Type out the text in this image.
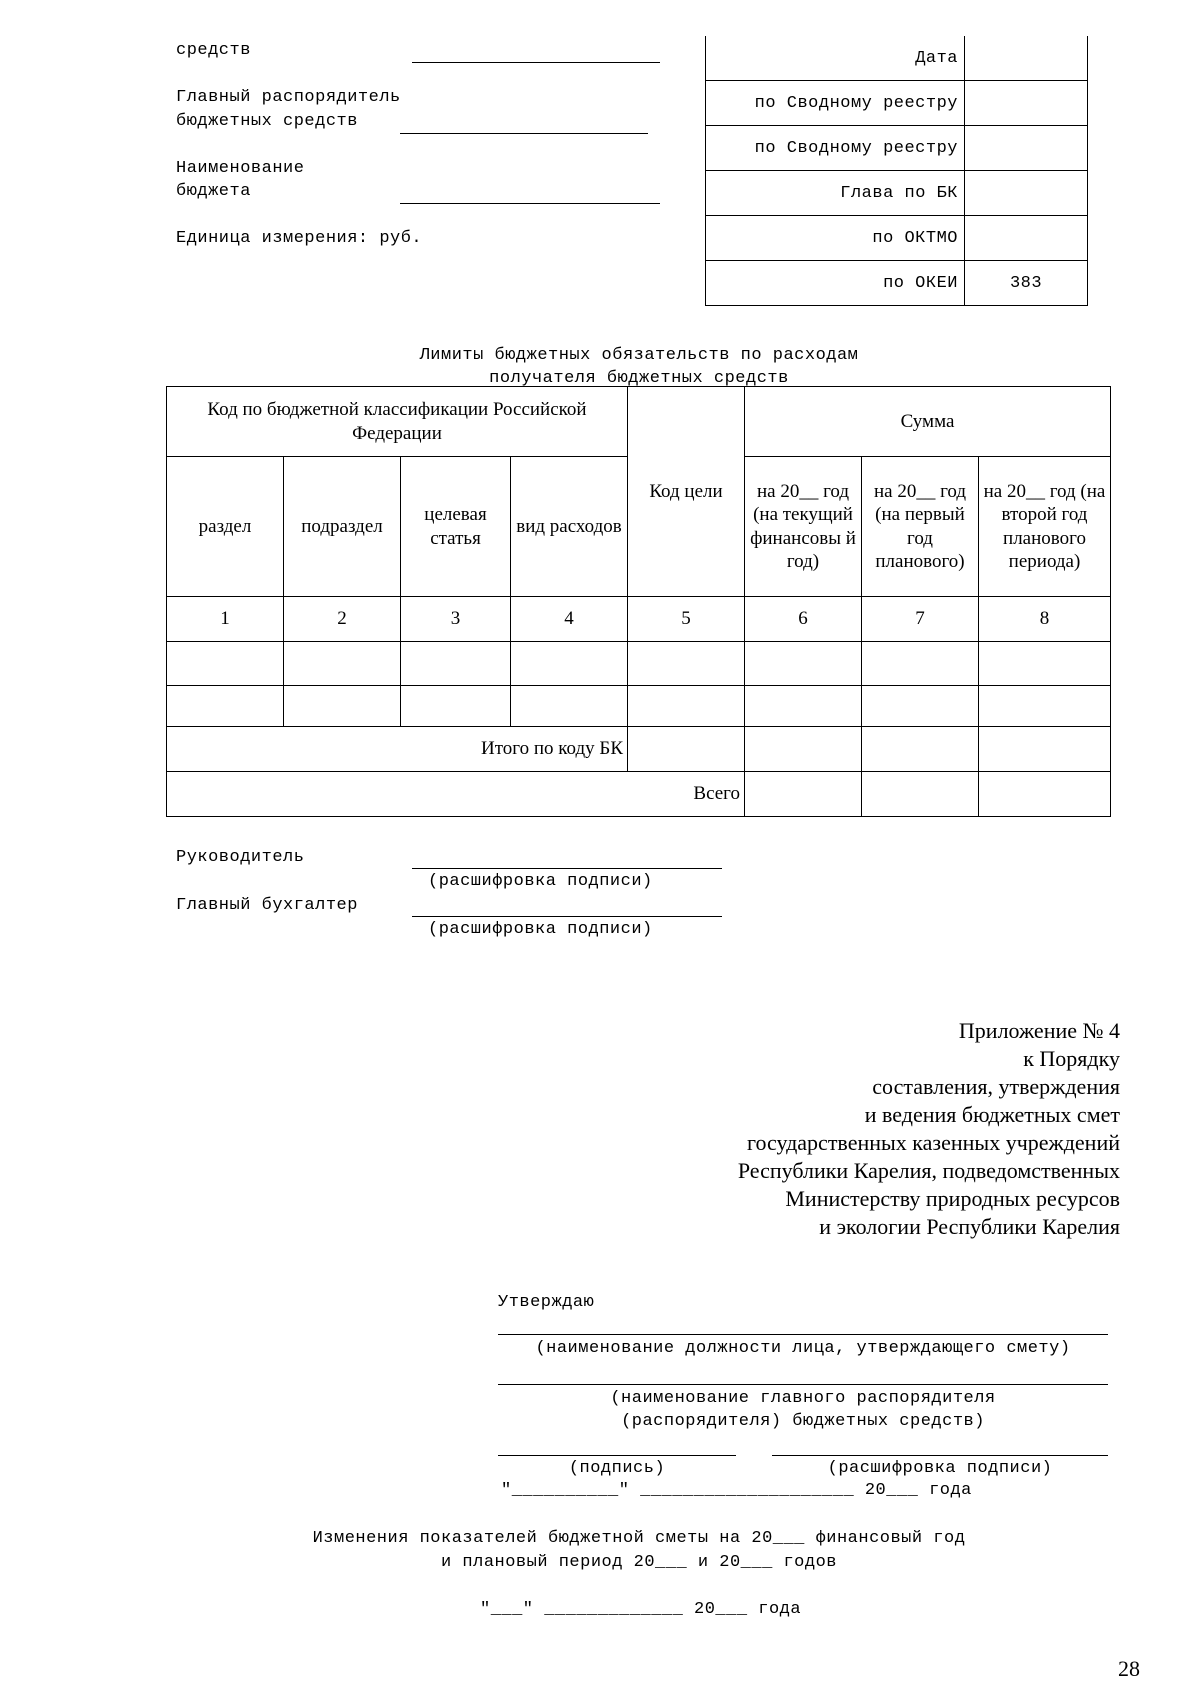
средств
Главный распорядитель
бюджетных средств
Наименование
бюджета
Единица измерения: руб.
Дата	
по Сводному реестру	
по Сводному реестру	
Глава по БК	
по ОКТМО	
по ОКЕИ	383
Лимиты бюджетных обязательств по расходам
получателя бюджетных средств
Код по бюджетной классификации Российской Федерации				Код цели	Сумма		
раздел	подраздел	целевая статья	вид расходов		на 20__ год (на текущий финансовы й год)	на 20__ год (на первый год планового)	на 20__ год (на второй год планового периода)
1	2	3	4	5	6	7	8

Итого по коду БК							
Всего							
Руководитель
(расшифровка подписи)
Главный бухгалтер
(расшифровка подписи)
Приложение № 4
к Порядку
составления, утверждения
и ведения бюджетных смет
государственных казенных учреждений
Республики Карелия, подведомственных
Министерству природных ресурсов
и экологии Республики Карелия
Утверждаю
(наименование должности лица, утверждающего смету)
(наименование главного распорядителя
(распорядителя) бюджетных средств)
(подпись)	(расшифровка подписи)
"__________" ____________________ 20___ года
Изменения показателей бюджетной сметы на 20___ финансовый год
и плановый период 20___ и 20___ годов
"___" _____________ 20___ года
28
